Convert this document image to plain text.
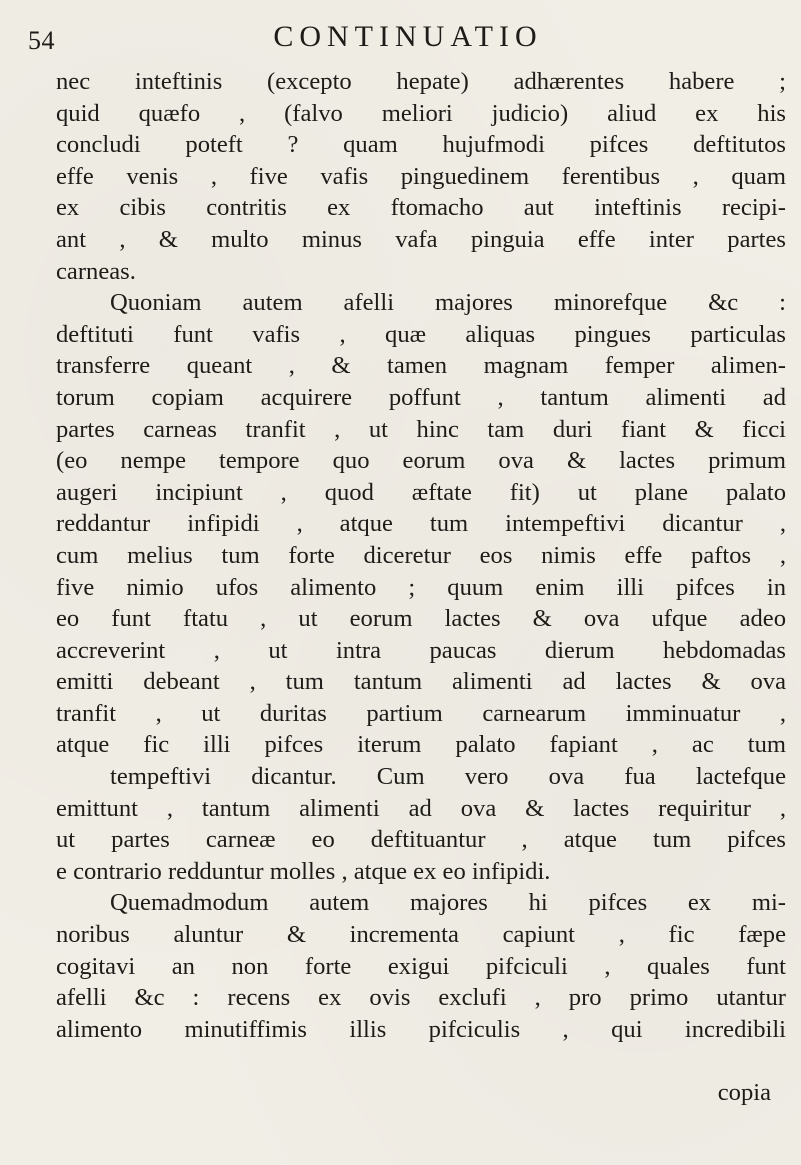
54	CONTINUATIO
nec inteftinis (excepto hepate) adhærentes habere ;
quid quæfo , (falvo meliori judicio) aliud ex his
concludi poteft ? quam hujufmodi pifces deftitutos
effe venis , five vafis pinguedinem ferentibus , quam
ex cibis contritis ex ftomacho aut inteftinis recipi-
ant , & multo minus vafa pinguia effe inter partes
carneas.
Quoniam autem afelli majores minorefque &c :
deftituti funt vafis , quæ aliquas pingues particulas
transferre queant , & tamen magnam femper alimen-
torum copiam acquirere poffunt , tantum alimenti ad
partes carneas tranfit , ut hinc tam duri fiant & ficci
(eo nempe tempore quo eorum ova & lactes primum
augeri incipiunt , quod æftate fit) ut plane palato
reddantur infipidi , atque tum intempeftivi dicantur ,
cum melius tum forte diceretur eos nimis effe paftos ,
five nimio ufos alimento ; quum enim illi pifces in
eo funt ftatu , ut eorum lactes & ova ufque adeo
accreverint , ut intra paucas dierum hebdomadas
emitti debeant , tum tantum alimenti ad lactes & ova
tranfit , ut duritas partium carnearum imminuatur ,
atque fic illi pifces iterum palato fapiant , ac tum
tempeftivi dicantur. Cum vero ova fua lactefque
emittunt , tantum alimenti ad ova & lactes requiritur ,
ut partes carneæ eo deftituantur , atque tum pifces
e contrario redduntur molles , atque ex eo infipidi.
Quemadmodum autem majores hi pifces ex mi-
noribus aluntur & incrementa capiunt , fic fæpe
cogitavi an non forte exigui pifciculi , quales funt
afelli &c : recens ex ovis exclufi , pro primo utantur
alimento minutiffimis illis pifciculis , qui incredibili
copia
